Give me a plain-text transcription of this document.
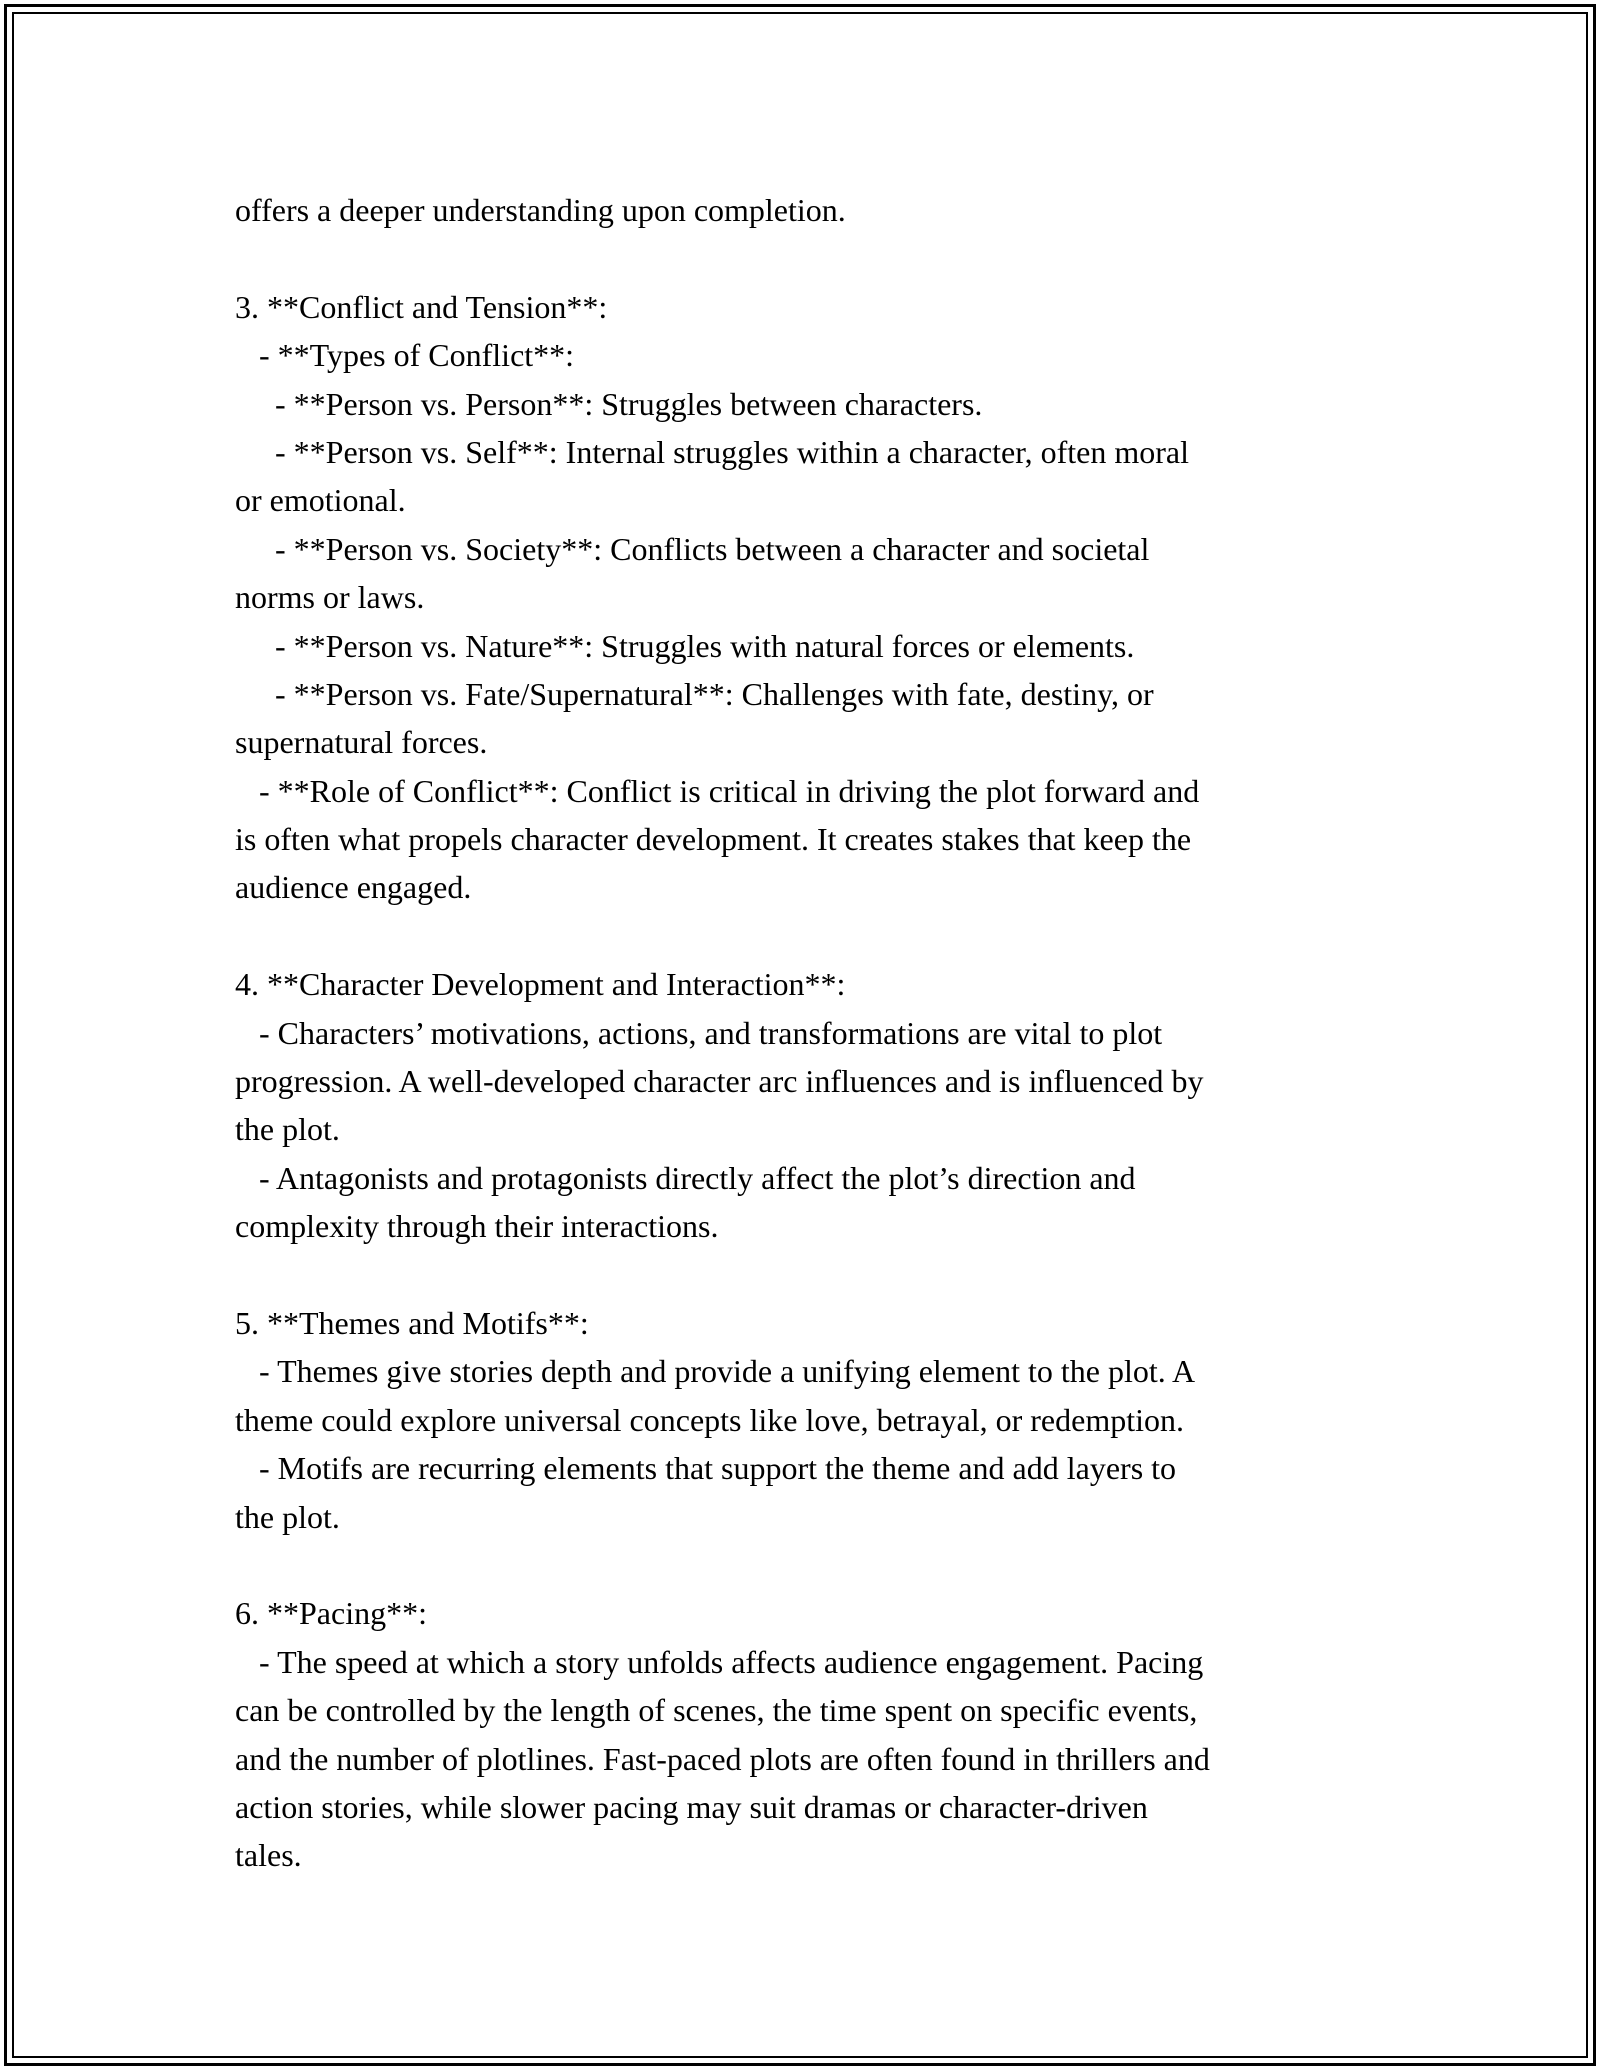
offers a deeper understanding upon completion.

3. **Conflict and Tension**:

- **Types of Conflict**:

- **Person vs. Person**: Struggles between characters.

- **Person vs. Self**: Internal struggles within a character, often moral

or emotional.

- **Person vs. Society**: Conflicts between a character and societal

norms or laws.

- **Person vs. Nature**: Struggles with natural forces or elements.

- **Person vs. Fate/Supernatural**: Challenges with fate, destiny, or

supernatural forces.

- **Role of Conflict**: Conflict is critical in driving the plot forward and

is often what propels character development. It creates stakes that keep the

audience engaged.

4. **Character Development and Interaction**:

- Characters’ motivations, actions, and transformations are vital to plot

progression. A well-developed character arc influences and is influenced by

the plot.

- Antagonists and protagonists directly affect the plot’s direction and

complexity through their interactions.

5. **Themes and Motifs**:

- Themes give stories depth and provide a unifying element to the plot. A

theme could explore universal concepts like love, betrayal, or redemption.

- Motifs are recurring elements that support the theme and add layers to

the plot.

6. **Pacing**:

- The speed at which a story unfolds affects audience engagement. Pacing

can be controlled by the length of scenes, the time spent on specific events,

and the number of plotlines. Fast-paced plots are often found in thrillers and

action stories, while slower pacing may suit dramas or character-driven

tales.
